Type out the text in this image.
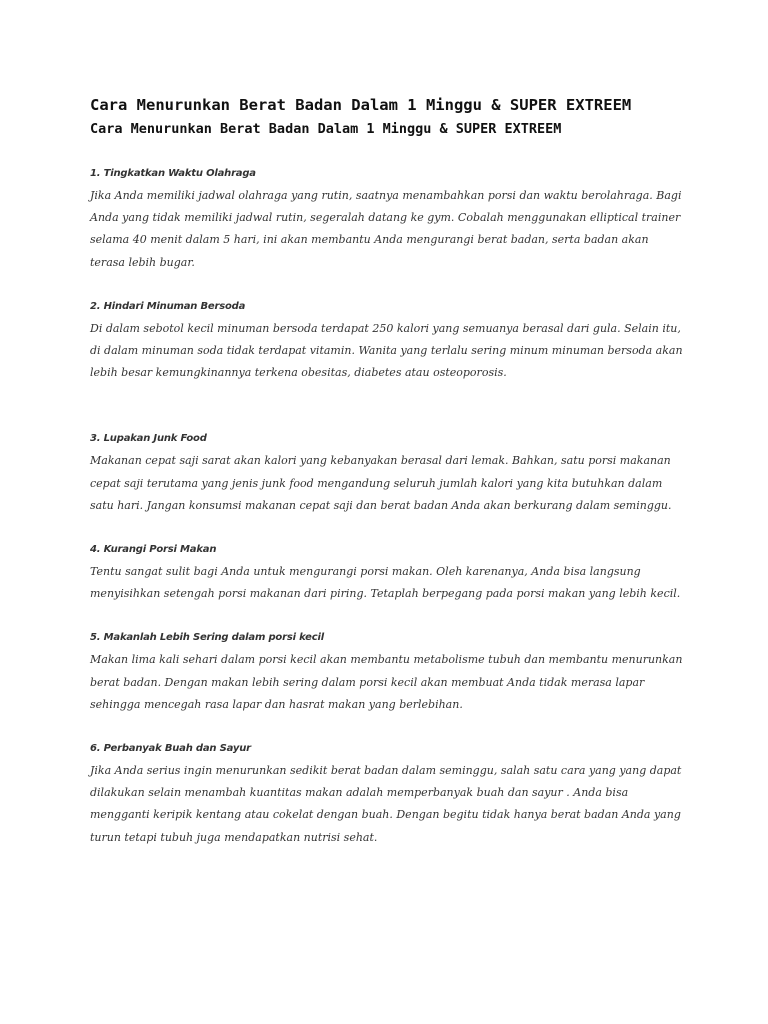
Cara Menurunkan Berat Badan Dalam 1 Minggu & SUPER EXTREEM
Cara Menurunkan Berat Badan Dalam 1 Minggu & SUPER EXTREEM
1. Tingkatkan Waktu Olahraga

Jika Anda memiliki jadwal olahraga yang rutin, saatnya menambahkan porsi dan waktu berolahraga. Bagi Anda yang tidak memiliki jadwal rutin, segeralah datang ke gym. Cobalah menggunakan elliptical trainer selama 40 menit dalam 5 hari, ini akan membantu Anda mengurangi berat badan, serta badan akan terasa lebih bugar.

2. Hindari Minuman Bersoda

Di dalam sebotol kecil minuman bersoda terdapat 250 kalori yang semuanya berasal dari gula. Selain itu, di dalam minuman soda tidak terdapat vitamin. Wanita yang terlalu sering minum minuman bersoda akan lebih besar kemungkinannya terkena obesitas, diabetes atau osteoporosis.

3. Lupakan Junk Food

Makanan cepat saji sarat akan kalori yang kebanyakan berasal dari lemak. Bahkan, satu porsi makanan cepat saji terutama yang jenis junk food mengandung seluruh jumlah kalori yang kita butuhkan dalam satu hari. Jangan konsumsi makanan cepat saji dan berat badan Anda akan berkurang dalam seminggu.

4. Kurangi Porsi Makan

Tentu sangat sulit bagi Anda untuk mengurangi porsi makan. Oleh karenanya, Anda bisa langsung menyisihkan setengah porsi makanan dari piring. Tetaplah berpegang pada porsi makan yang lebih kecil.

5. Makanlah Lebih Sering dalam porsi kecil

Makan lima kali sehari dalam porsi kecil akan membantu metabolisme tubuh dan membantu menurunkan berat badan. Dengan makan lebih sering dalam porsi kecil akan membuat Anda tidak merasa lapar sehingga mencegah rasa lapar dan hasrat makan yang berlebihan.

6. Perbanyak Buah dan Sayur

Jika Anda serius ingin menurunkan sedikit berat badan dalam seminggu, salah satu cara yang yang dapat dilakukan selain menambah kuantitas makan adalah memperbanyak buah dan sayur . Anda bisa mengganti keripik kentang atau cokelat dengan buah. Dengan begitu tidak hanya berat badan Anda yang turun tetapi tubuh juga mendapatkan nutrisi sehat.
